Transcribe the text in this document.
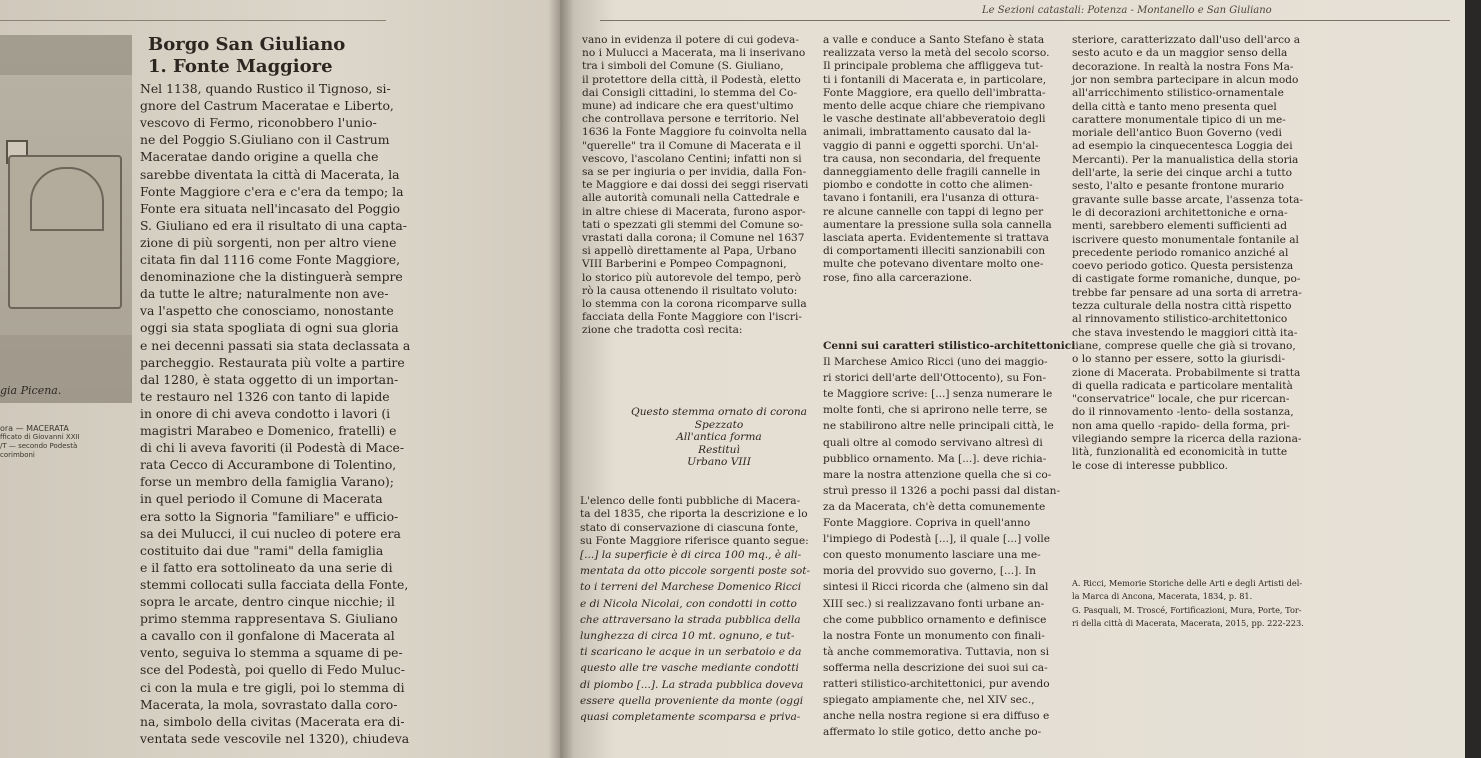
Le Sezioni catastali: Potenza - Montanello e San Giuliano
gia Picena.
ora — MACERATA
fficato di Giovanni XXII
/T — secondo Podestà
corimboni
Borgo San Giuliano
1. Fonte Maggiore
Nel 1138, quando Rustico il Tignoso, si-
gnore del Castrum Maceratae e Liberto,
vescovo di Fermo, riconobbero l'unio-
ne del Poggio S.Giuliano con il Castrum
Maceratae dando origine a quella che
sarebbe diventata la città di Macerata, la
Fonte Maggiore c'era e c'era da tempo; la
Fonte era situata nell'incasato del Poggio
S. Giuliano ed era il risultato di una capta-
zione di più sorgenti, non per altro viene
citata fin dal 1116 come Fonte Maggiore,
denominazione che la distinguerà sempre
da tutte le altre; naturalmente non ave-
va l'aspetto che conosciamo, nonostante
oggi sia stata spogliata di ogni sua gloria
e nei decenni passati sia stata declassata a
parcheggio. Restaurata più volte a partire
dal 1280, è stata oggetto di un importan-
te restauro nel 1326 con tanto di lapide
in onore di chi aveva condotto i lavori (i
magistri Marabeo e Domenico, fratelli) e
di chi li aveva favoriti (il Podestà di Mace-
rata Cecco di Accurambone di Tolentino,
forse un membro della famiglia Varano);
in quel periodo il Comune di Macerata
era sotto la Signoria "familiare" e ufficio-
sa dei Mulucci, il cui nucleo di potere era
costituito dai due "rami" della famiglia
e il fatto era sottolineato da una serie di
stemmi collocati sulla facciata della Fonte,
sopra le arcate, dentro cinque nicchie; il
primo stemma rappresentava S. Giuliano
a cavallo con il gonfalone di Macerata al
vento, seguiva lo stemma a squame di pe-
sce del Podestà, poi quello di Fedo Muluc-
ci con la mula e tre gigli, poi lo stemma di
Macerata, la mola, sovrastato dalla coro-
na, simbolo della civitas (Macerata era di-
ventata sede vescovile nel 1320), chiudeva
vano in evidenza il potere di cui godeva-
no i Mulucci a Macerata, ma li inserivano
tra i simboli del Comune (S. Giuliano,
il protettore della città, il Podestà, eletto
dai Consigli cittadini, lo stemma del Co-
mune) ad indicare che era quest'ultimo
che controllava persone e territorio. Nel
1636 la Fonte Maggiore fu coinvolta nella
"querelle" tra il Comune di Macerata e il
vescovo, l'ascolano Centini; infatti non si
sa se per ingiuria o per invidia, dalla Fon-
te Maggiore e dai dossi dei seggi riservati
alle autorità comunali nella Cattedrale e
in altre chiese di Macerata, furono aspor-
tati o spezzati gli stemmi del Comune so-
vrastati dalla corona; il Comune nel 1637
si appellò direttamente al Papa, Urbano
VIII Barberini e Pompeo Compagnoni,
lo storico più autorevole del tempo, però
rò la causa ottenendo il risultato voluto:
lo stemma con la corona ricomparve sulla
facciata della Fonte Maggiore con l'iscri-
zione che tradotta così recita:
Questo stemma ornato di corona
Spezzato
All'antica forma
Restituì
Urbano VIII
L'elenco delle fonti pubbliche di Macera-
ta del 1835, che riporta la descrizione e lo
stato di conservazione di ciascuna fonte,
su Fonte Maggiore riferisce quanto segue:
[...] la superficie è di circa 100 mq., è ali-
mentata da otto piccole sorgenti poste sot-
to i terreni del Marchese Domenico Ricci
e di Nicola Nicolai, con condotti in cotto
che attraversano la strada pubblica della
lunghezza di circa 10 mt. ognuno, e tut-
ti scaricano le acque in un serbatoio e da
questo alle tre vasche mediante condotti
di piombo [...]. La strada pubblica doveva
essere quella proveniente da monte (oggi
quasi completamente scomparsa e priva-
a valle e conduce a Santo Stefano è stata
realizzata verso la metà del secolo scorso.
Il principale problema che affliggeva tut-
ti i fontanili di Macerata e, in particolare,
Fonte Maggiore, era quello dell'imbratta-
mento delle acque chiare che riempivano
le vasche destinate all'abbeveratoio degli
animali, imbrattamento causato dal la-
vaggio di panni e oggetti sporchi. Un'al-
tra causa, non secondaria, del frequente
danneggiamento delle fragili cannelle in
piombo e condotte in cotto che alimen-
tavano i fontanili, era l'usanza di ottura-
re alcune cannelle con tappi di legno per
aumentare la pressione sulla sola cannella
lasciata aperta. Evidentemente si trattava
di comportamenti illeciti sanzionabili con
multe che potevano diventare molto one-
rose, fino alla carcerazione.
Cenni sui caratteri stilistico-architettonici
Il Marchese Amico Ricci (uno dei maggio-
ri storici dell'arte dell'Ottocento), su Fon-
te Maggiore scrive: [...] senza numerare le
molte fonti, che si aprirono nelle terre, se
ne stabilirono altre nelle principali città, le
quali oltre al comodo servivano altresì di
pubblico ornamento. Ma [...]. deve richia-
mare la nostra attenzione quella che si co-
struì presso il 1326 a pochi passi dal distan-
za da Macerata, ch'è detta comunemente
Fonte Maggiore. Copriva in quell'anno
l'impiego di Podestà [...], il quale [...] volle
con questo monumento lasciare una me-
moria del provvido suo governo, [...]. In
sintesi il Ricci ricorda che (almeno sin dal
XIII sec.) si realizzavano fonti urbane an-
che come pubblico ornamento e definisce
la nostra Fonte un monumento con finali-
tà anche commemorativa. Tuttavia, non si
sofferma nella descrizione dei suoi sui ca-
ratteri stilistico-architettonici, pur avendo
spiegato ampiamente che, nel XIV sec.,
anche nella nostra regione si era diffuso e
affermato lo stile gotico, detto anche po-
steriore, caratterizzato dall'uso dell'arco a
sesto acuto e da un maggior senso della
decorazione. In realtà la nostra Fons Ma-
jor non sembra partecipare in alcun modo
all'arricchimento stilistico-ornamentale
della città e tanto meno presenta quel
carattere monumentale tipico di un me-
moriale dell'antico Buon Governo (vedi
ad esempio la cinquecentesca Loggia dei
Mercanti). Per la manualistica della storia
dell'arte, la serie dei cinque archi a tutto
sesto, l'alto e pesante frontone murario
gravante sulle basse arcate, l'assenza tota-
le di decorazioni architettoniche e orna-
menti, sarebbero elementi sufficienti ad
iscrivere questo monumentale fontanile al
precedente periodo romanico anziché al
coevo periodo gotico. Questa persistenza
di castigate forme romaniche, dunque, po-
trebbe far pensare ad una sorta di arretra-
tezza culturale della nostra città rispetto
al rinnovamento stilistico-architettonico
che stava investendo le maggiori città ita-
liane, comprese quelle che già si trovano,
o lo stanno per essere, sotto la giurisdi-
zione di Macerata. Probabilmente si tratta
di quella radicata e particolare mentalità
"conservatrice" locale, che pur ricercan-
do il rinnovamento -lento- della sostanza,
non ama quello -rapido- della forma, pri-
vilegiando sempre la ricerca della raziona-
lità, funzionalità ed economicità in tutte
le cose di interesse pubblico.
A. Ricci, Memorie Storiche delle Arti e degli Artisti del-
la Marca di Ancona, Macerata, 1834, p. 81.
G. Pasquali, M. Troscé, Fortificazioni, Mura, Porte, Tor-
ri della città di Macerata, Macerata, 2015, pp. 222-223.
